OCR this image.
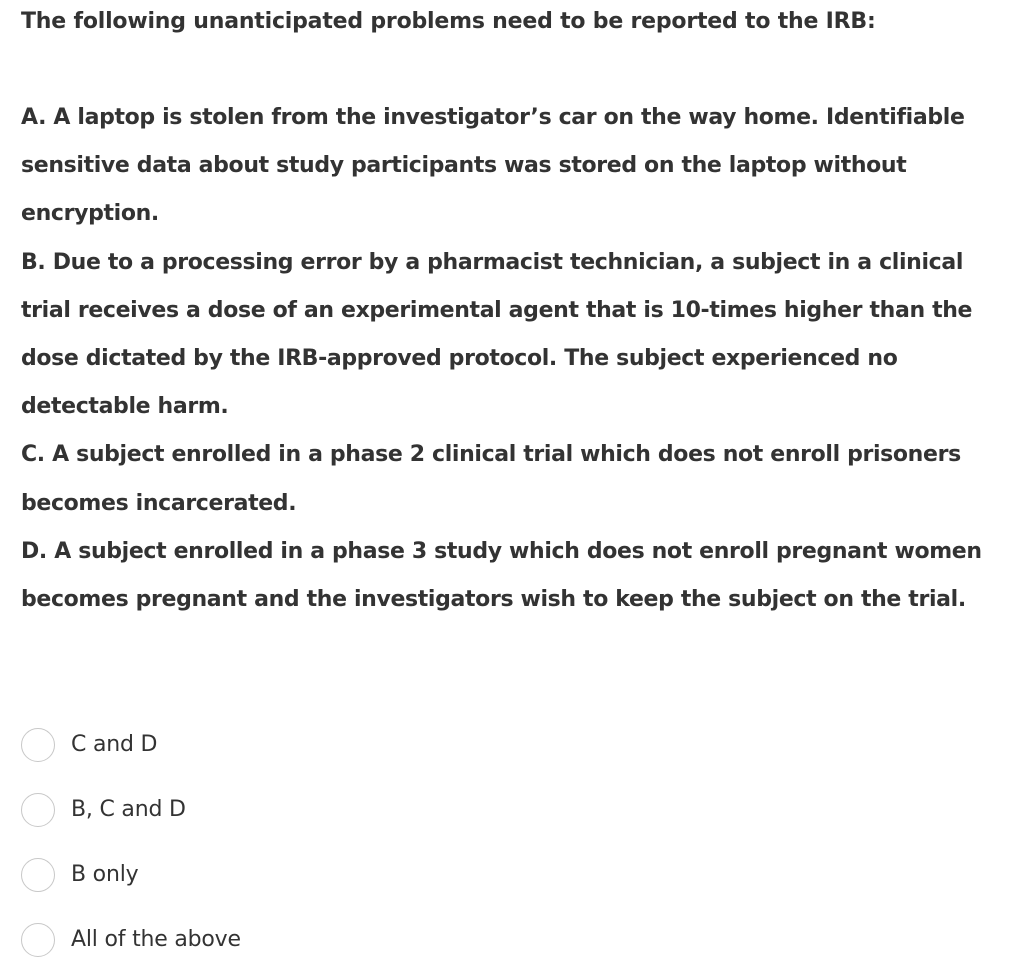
The following unanticipated problems need to be reported to the IRB:

A. A laptop is stolen from the investigator’s car on the way home. Identifiable sensitive data about study participants was stored on the laptop without encryption.

B. Due to a processing error by a pharmacist technician, a subject in a clinical trial receives a dose of an experimental agent that is 10-times higher than the dose dictated by the IRB-approved protocol. The subject experienced no detectable harm.

C. A subject enrolled in a phase 2 clinical trial which does not enroll prisoners becomes incarcerated.

D. A subject enrolled in a phase 3 study which does not enroll pregnant women becomes pregnant and the investigators wish to keep the subject on the trial.

C and D
B, C and D
B only
All of the above
